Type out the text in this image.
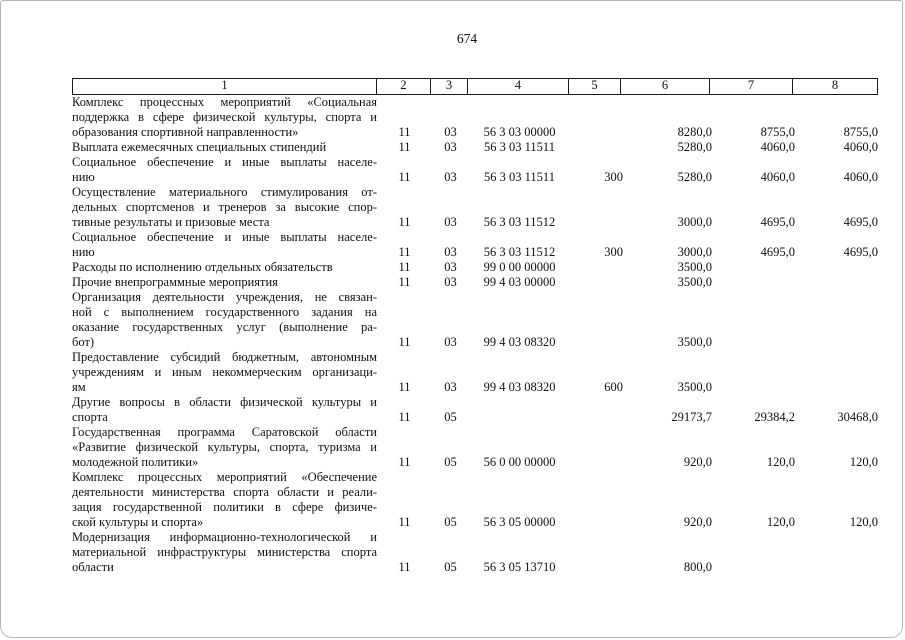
674
1	2	3	4	5	6	7	8
Комплекс процессных мероприятий «Социальная
поддержка в сфере физической культуры, спорта и
образования спортивной направленности»	11	03	56 3 03 00000		8280,0	8755,0	8755,0

Выплата ежемесячных специальных стипендий	11	03	56 3 03 11511		5280,0	4060,0	4060,0

Социальное обеспечение и иные выплаты населе-
нию	11	03	56 3 03 11511	300	5280,0	4060,0	4060,0

Осуществление материального стимулирования от-
дельных спортсменов и тренеров за высокие спор-
тивные результаты и призовые места	11	03	56 3 03 11512		3000,0	4695,0	4695,0

Социальное обеспечение и иные выплаты населе-
нию	11	03	56 3 03 11512	300	3000,0	4695,0	4695,0

Расходы по исполнению отдельных обязательств	11	03	99 0 00 00000		3500,0		

Прочие внепрограммные мероприятия	11	03	99 4 03 00000		3500,0		

Организация деятельности учреждения, не связан-
ной с выполнением государственного задания на
оказание государственных услуг (выполнение ра-
бот)	11	03	99 4 03 08320		3500,0		

Предоставление субсидий бюджетным, автономным
учреждениям и иным некоммерческим организаци-
ям	11	03	99 4 03 08320	600	3500,0		

Другие вопросы в области физической культуры и
спорта	11	05			29173,7	29384,2	30468,0

Государственная программа Саратовской области
«Развитие физической культуры, спорта, туризма и
молодежной политики»	11	05	56 0 00 00000		920,0	120,0	120,0

Комплекс процессных мероприятий «Обеспечение
деятельности министерства спорта области и реали-
зация государственной политики в сфере физиче-
ской культуры и спорта»	11	05	56 3 05 00000		920,0	120,0	120,0

Модернизация информационно-технологической и
материальной инфраструктуры министерства спорта
области	11	05	56 3 05 13710		800,0		
